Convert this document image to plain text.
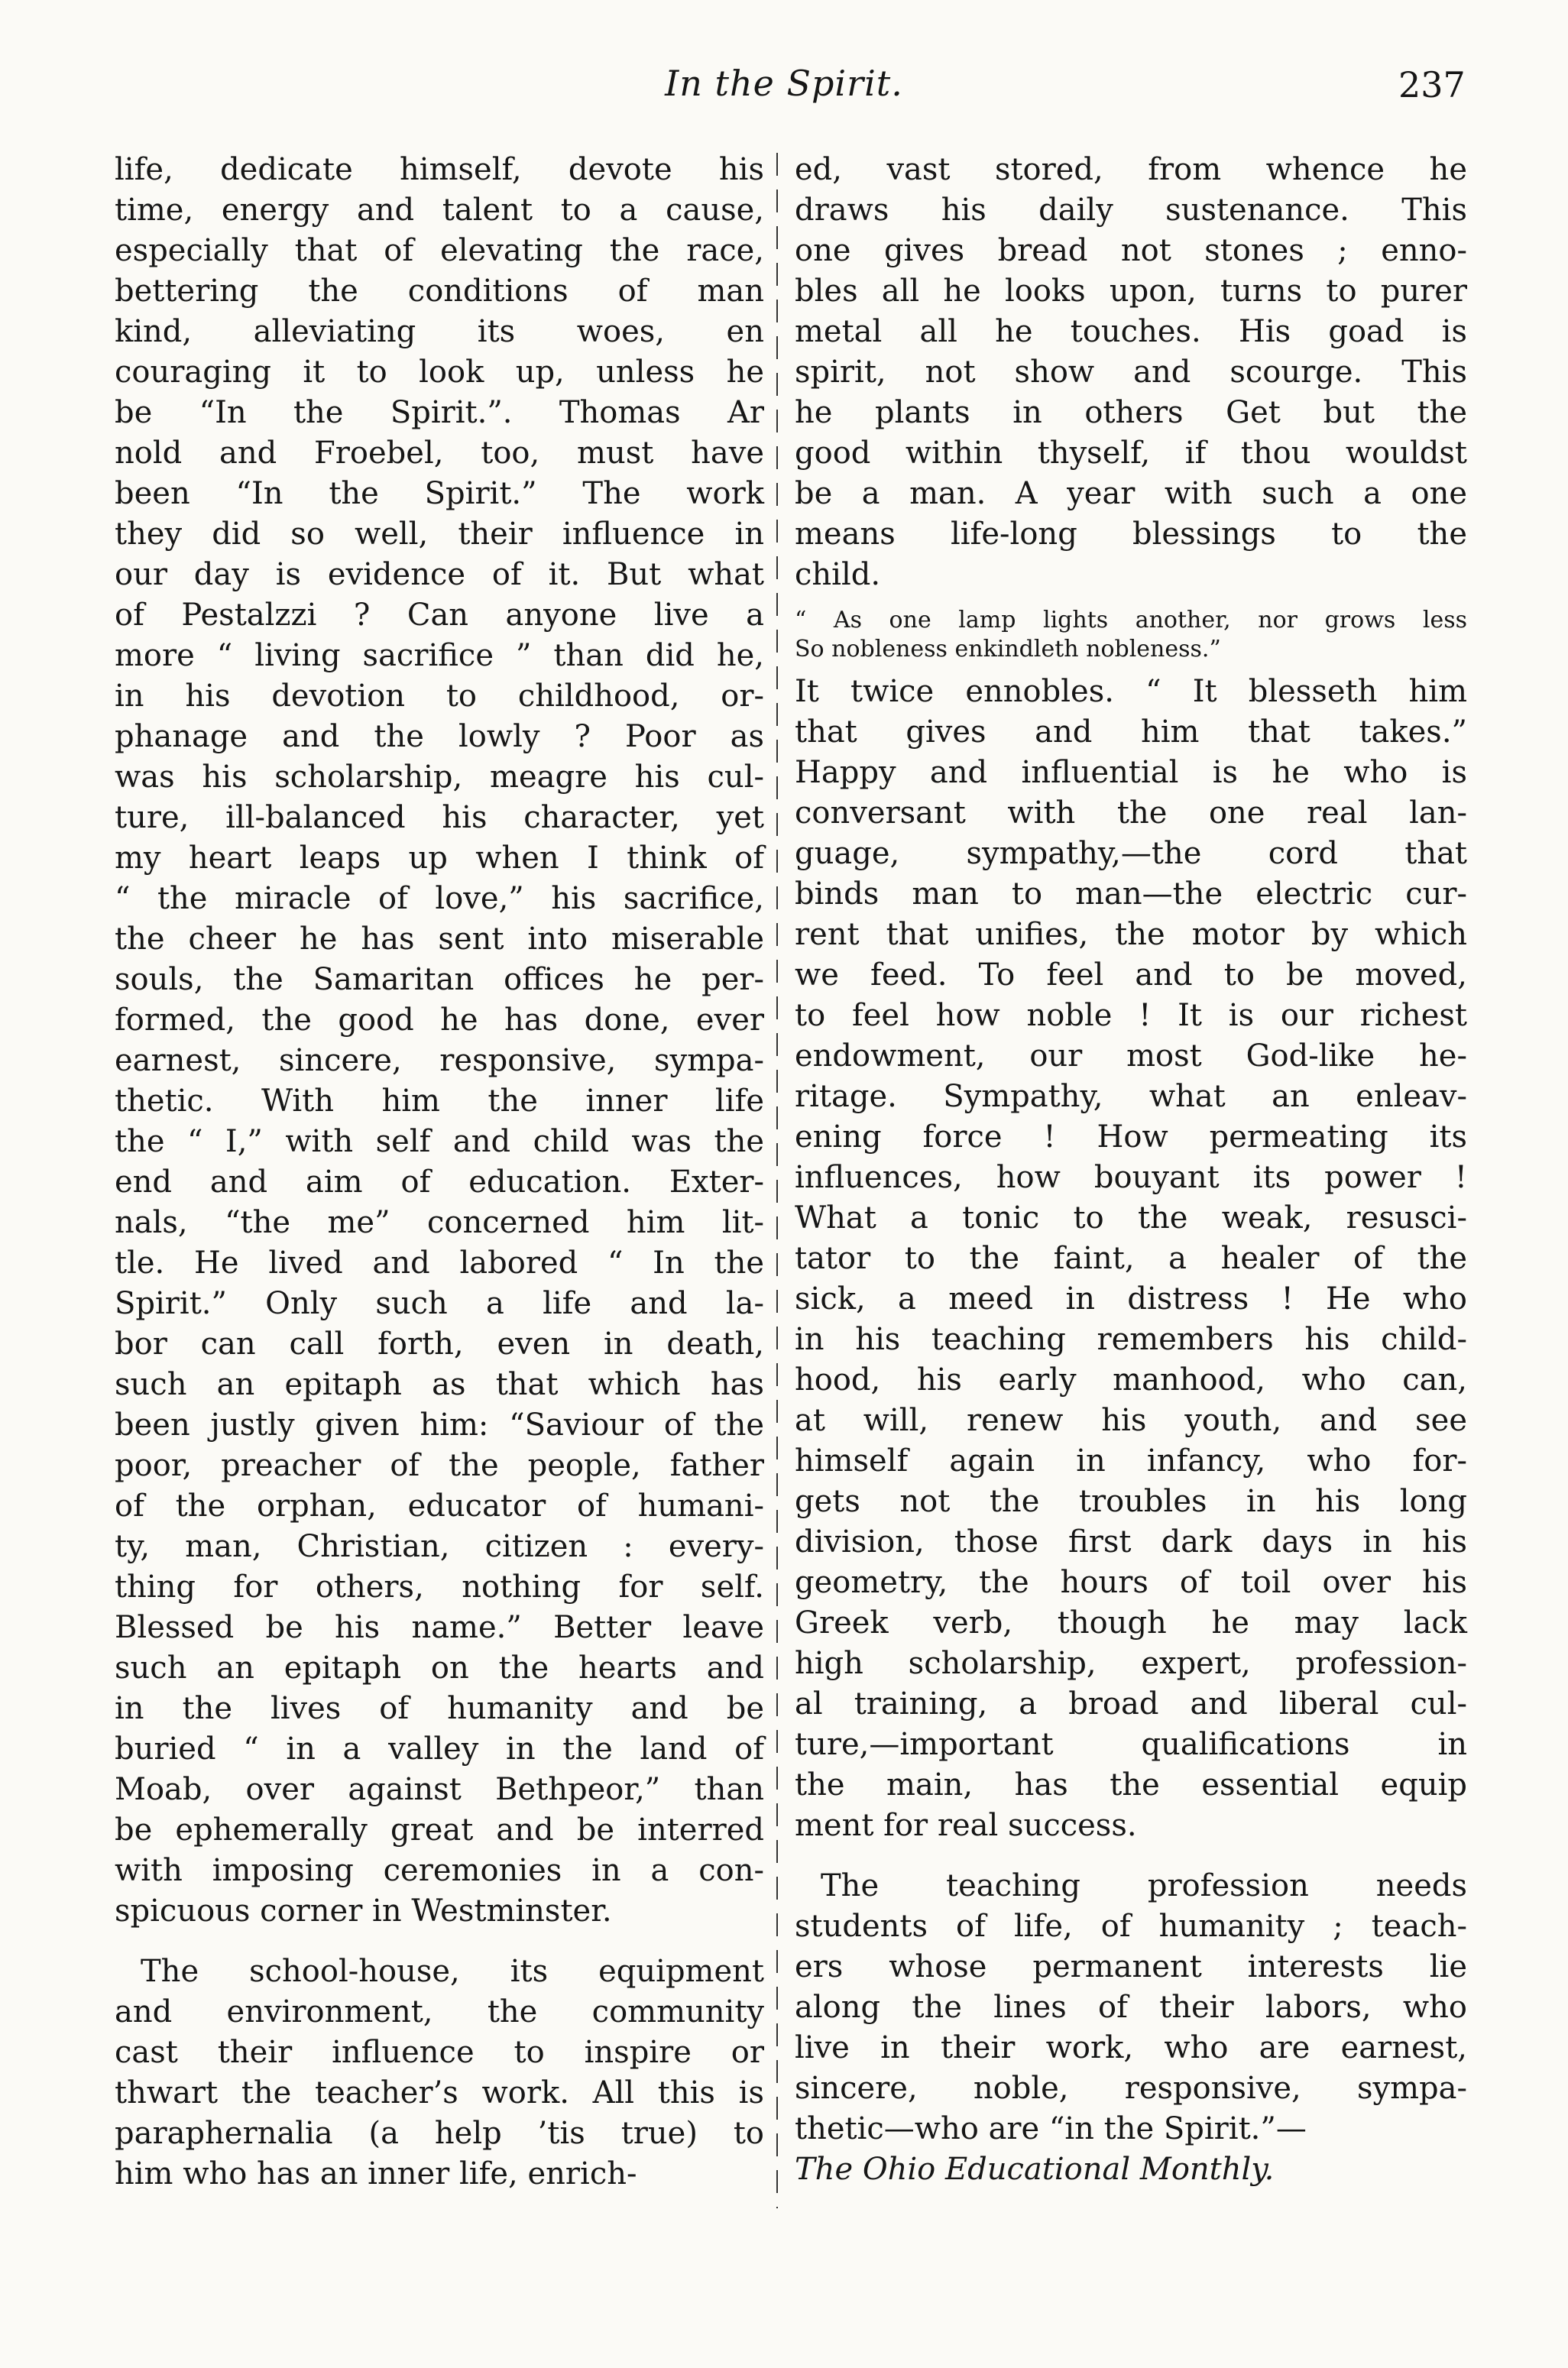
In the Spirit.	237
life, dedicate himself, devote his
time, energy and talent to a cause,
especially that of elevating the race,
bettering the conditions of man
kind, alleviating its woes, en
couraging it to look up, unless he
be “In the Spirit.”. Thomas Ar
nold and Froebel, too, must have
been “In the Spirit.” The work
they did so well, their influence in
our day is evidence of it. But what
of Pestalzzi ? Can anyone live a
more “ living sacrifice ” than did he,
in his devotion to childhood, or-
phanage and the lowly ? Poor as
was his scholarship, meagre his cul-
ture, ill-balanced his character, yet
my heart leaps up when I think of
“ the miracle of love,” his sacrifice,
the cheer he has sent into miserable
souls, the Samaritan offices he per-
formed, the good he has done, ever
earnest, sincere, responsive, sympa-
thetic. With him the inner life
the “ I,” with self and child was the
end and aim of education. Exter-
nals, “the me” concerned him lit-
tle. He lived and labored “ In the
Spirit.” Only such a life and la-
bor can call forth, even in death,
such an epitaph as that which has
been justly given him: “Saviour of the
poor, preacher of the people, father
of the orphan, educator of humani-
ty, man, Christian, citizen : every-
thing for others, nothing for self.
Blessed be his name.” Better leave
such an epitaph on the hearts and
in the lives of humanity and be
buried “ in a valley in the land of
Moab, over against Bethpeor,” than
be ephemerally great and be interred
with imposing ceremonies in a con-
spicuous corner in Westminster.
The school-house, its equipment
and environment, the community
cast their influence to inspire or
thwart the teacher’s work. All this is
paraphernalia (a help ’tis true) to
him who has an inner life, enrich-
ed, vast stored, from whence he
draws his daily sustenance. This
one gives bread not stones ; enno-
bles all he looks upon, turns to purer
metal all he touches. His goad is
spirit, not show and scourge. This
he plants in others Get but the
good within thyself, if thou wouldst
be a man. A year with such a one
means life-long blessings to the
child.
“ As one lamp lights another, nor grows less
So nobleness enkindleth nobleness.”
It twice ennobles. “ It blesseth him
that gives and him that takes.”
Happy and influential is he who is
conversant with the one real lan-
guage, sympathy,—the cord that
binds man to man—the electric cur-
rent that unifies, the motor by which
we feed. To feel and to be moved,
to feel how noble ! It is our richest
endowment, our most God-like he-
ritage. Sympathy, what an enleav-
ening force ! How permeating its
influences, how bouyant its power !
What a tonic to the weak, resusci-
tator to the faint, a healer of the
sick, a meed in distress ! He who
in his teaching remembers his child-
hood, his early manhood, who can,
at will, renew his youth, and see
himself again in infancy, who for-
gets not the troubles in his long
division, those first dark days in his
geometry, the hours of toil over his
Greek verb, though he may lack
high scholarship, expert, profession-
al training, a broad and liberal cul-
ture,—important qualifications in
the main, has the essential equip
ment for real success.
The teaching profession needs
students of life, of humanity ; teach-
ers whose permanent interests lie
along the lines of their labors, who
live in their work, who are earnest,
sincere, noble, responsive, sympa-
thetic—who are “in the Spirit.”—
The Ohio Educational Monthly.
